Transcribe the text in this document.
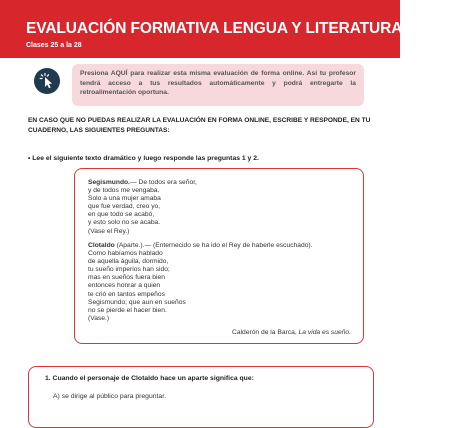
EVALUACIÓN FORMATIVA LENGUA Y LITERATURA II° Medio
Clases 25 a la 28
Presiona AQUÍ para realizar esta misma evaluación de forma online. Así tu profesor tendrá acceso a tus resultados automáticamente y podrá entregarte la retroalimentación oportuna.
EN CASO QUE NO PUEDAS REALIZAR LA EVALUACIÓN EN FORMA ONLINE, ESCRIBE Y RESPONDE, EN TU CUADERNO, LAS SIGUIENTES PREGUNTAS:
• Lee el siguiente texto dramático y luego responde las preguntas 1 y 2.
Segismundo.— De todos era señor,
y de todos me vengaba.
Solo a una mujer amaba
que fue verdad, creo yo,
en que todo se acabó,
y esto solo no se acaba.
(Vase el Rey.)
Clotaldo (Aparte.).— (Enternecido se ha ido el Rey de haberle escuchado).
Como habíamos hablado
de aquella águila, dormido,
tu sueño imperios han sido;
mas en sueños fuera bien
entonces honrar a quien
te crió en tantos empeños
Segismundo; que aun en sueños
no se pierde el hacer bien.
(Vase.)
Calderón de la Barca, La vida es sueño.
1. Cuando el personaje de Clotaldo hace un aparte significa que:
A) se dirige al público para preguntar.
